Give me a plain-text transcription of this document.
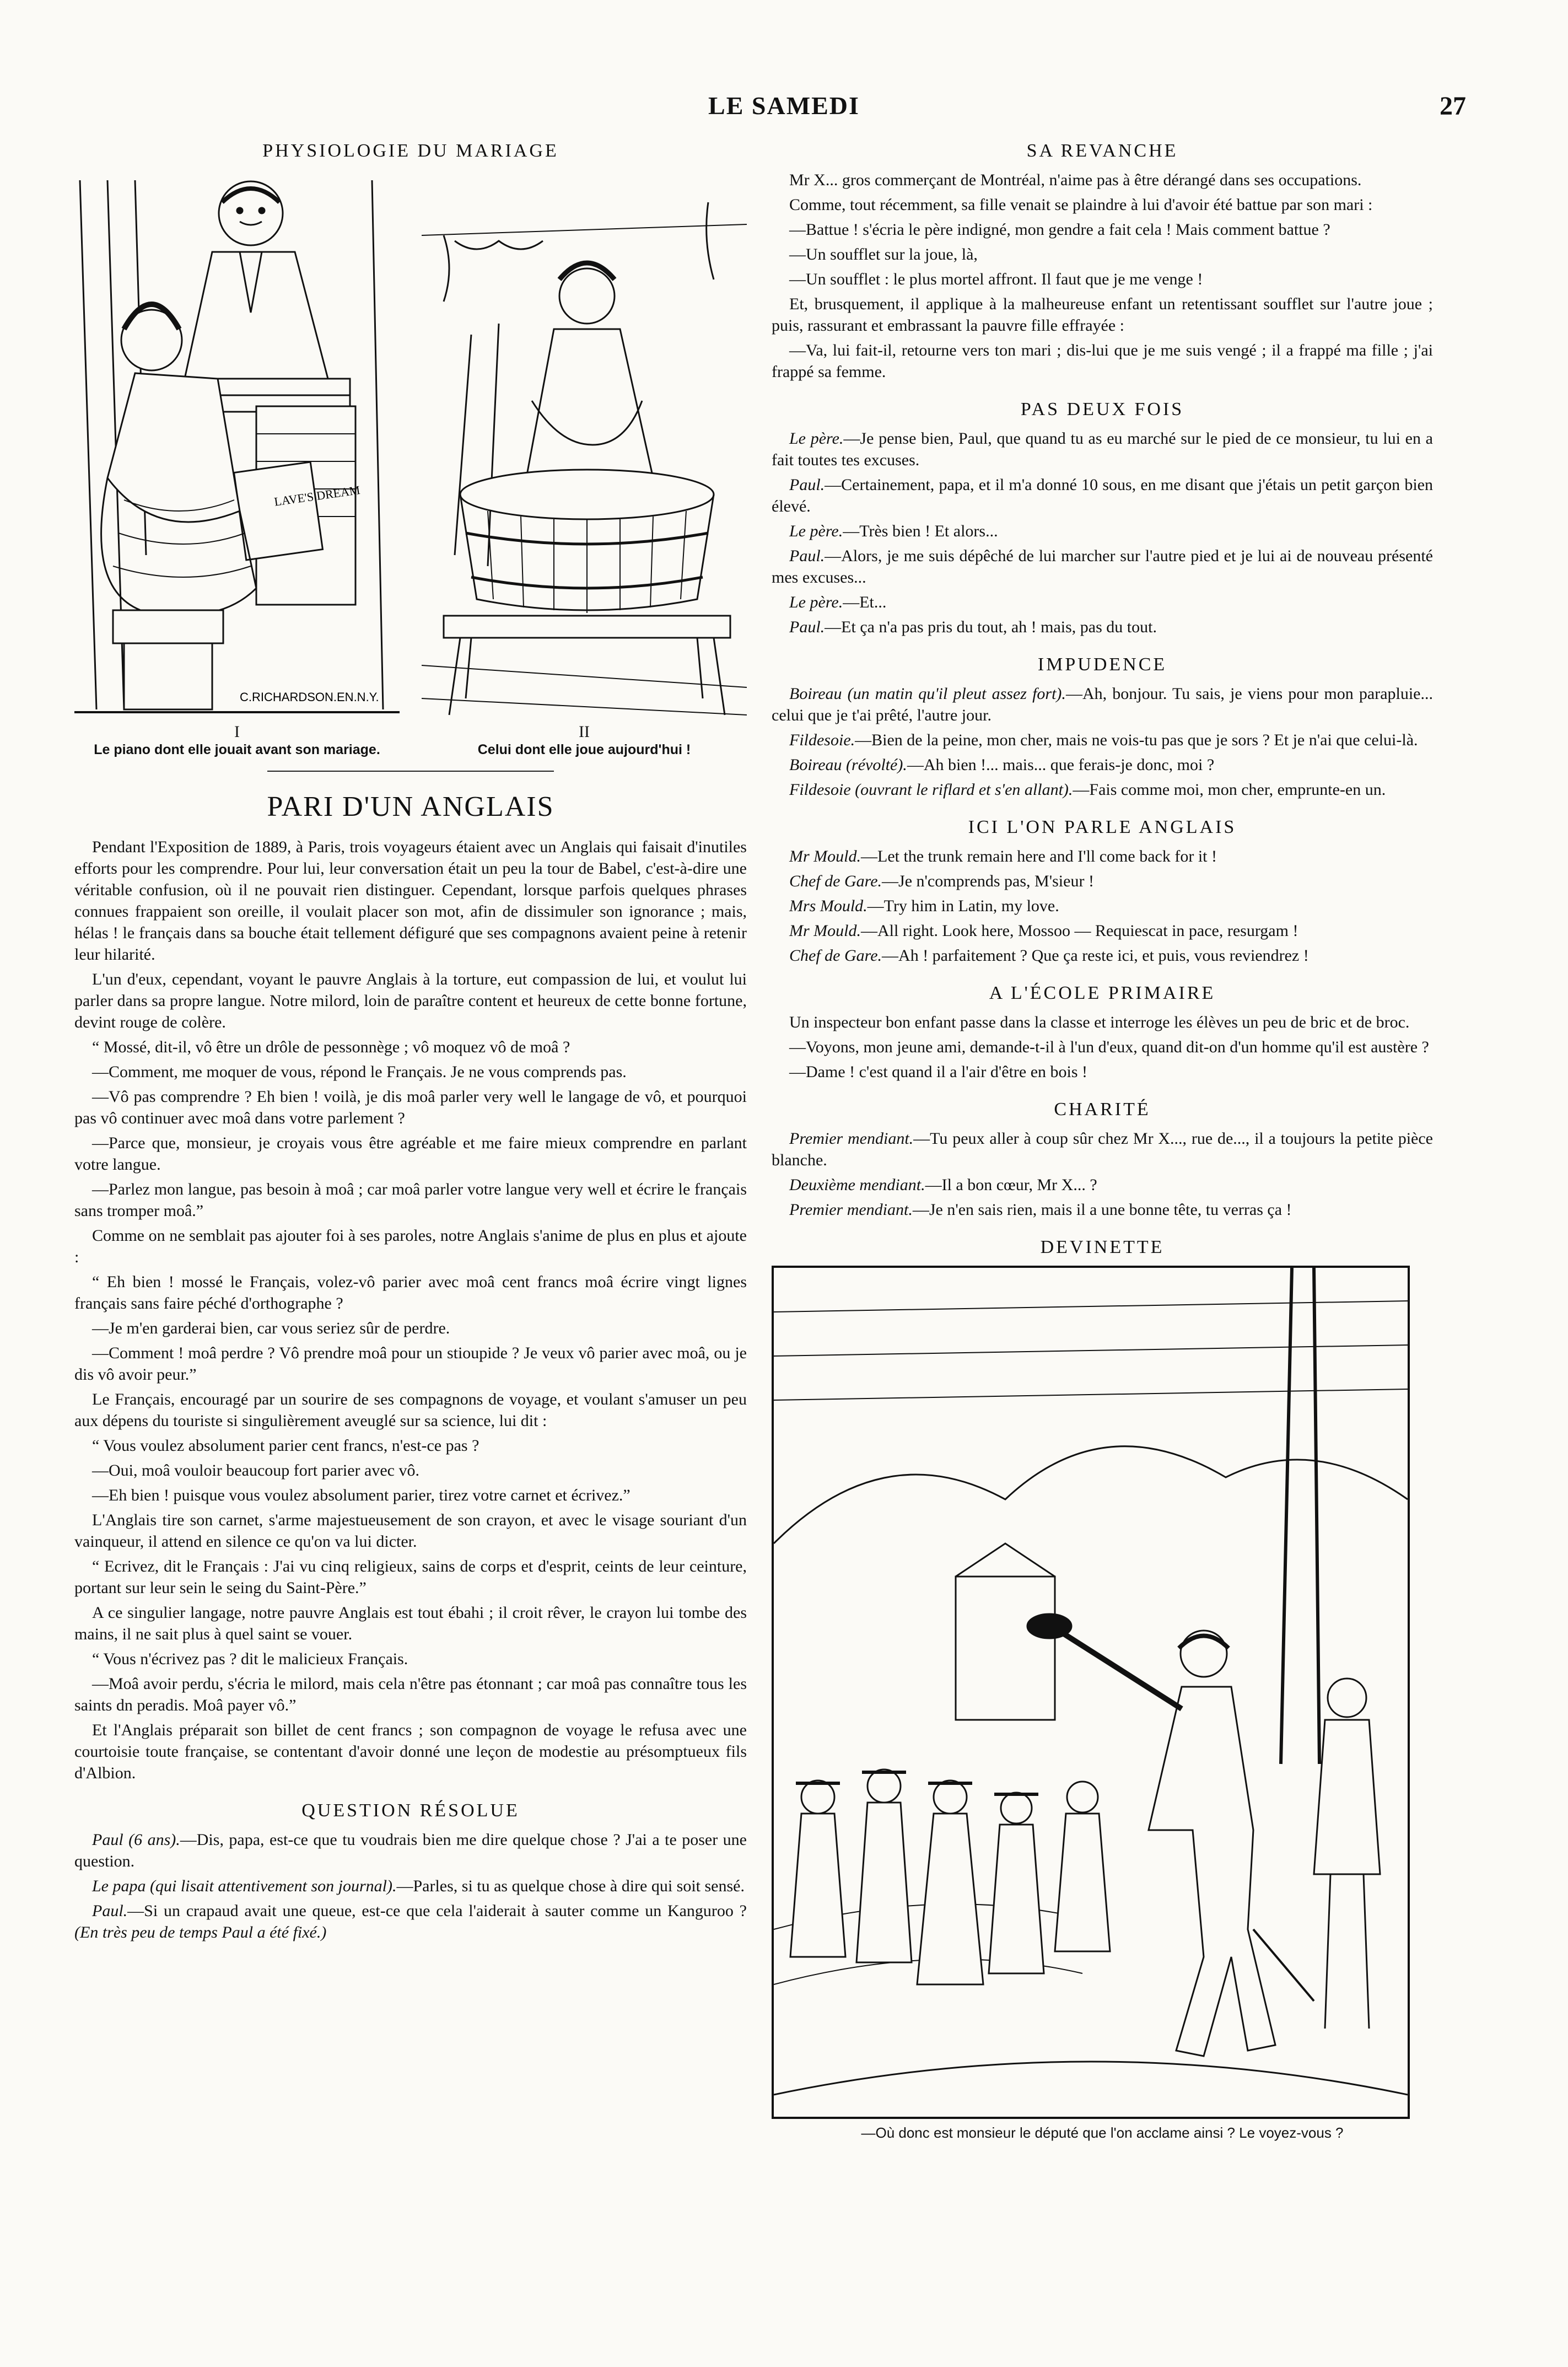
LE SAMEDI	27
PHYSIOLOGIE DU MARIAGE
LAVE'S DREAM
C.RICHARDSON.EN.N.Y.
I
Le piano dont elle jouait avant son mariage.
II
Celui dont elle joue aujourd'hui !
PARI D'UN ANGLAIS

Pendant l'Exposition de 1889, à Paris, trois voyageurs étaient avec un Anglais qui faisait d'inutiles efforts pour les comprendre. Pour lui, leur conversation était un peu la tour de Babel, c'est-à-dire une véritable confusion, où il ne pouvait rien distinguer. Cependant, lorsque parfois quelques phrases connues frappaient son oreille, il voulait placer son mot, afin de dissimuler son ignorance ; mais, hélas ! le français dans sa bouche était tellement défiguré que ses compagnons avaient peine à retenir leur hilarité.

L'un d'eux, cependant, voyant le pauvre Anglais à la torture, eut compassion de lui, et voulut lui parler dans sa propre langue. Notre milord, loin de paraître content et heureux de cette bonne fortune, devint rouge de colère.

“ Mossé, dit-il, vô être un drôle de pessonnège ; vô moquez vô de moâ ?

—Comment, me moquer de vous, répond le Français. Je ne vous comprends pas.

—Vô pas comprendre ? Eh bien ! voilà, je dis moâ parler very well le langage de vô, et pourquoi pas vô continuer avec moâ dans votre parlement ?

—Parce que, monsieur, je croyais vous être agréable et me faire mieux comprendre en parlant votre langue.

—Parlez mon langue, pas besoin à moâ ; car moâ parler votre langue very well et écrire le français sans tromper moâ.”

Comme on ne semblait pas ajouter foi à ses paroles, notre Anglais s'anime de plus en plus et ajoute :

“ Eh bien ! mossé le Français, volez-vô parier avec moâ cent francs moâ écrire vingt lignes français sans faire péché d'orthographe ?

—Je m'en garderai bien, car vous seriez sûr de perdre.

—Comment ! moâ perdre ? Vô prendre moâ pour un stioupide ? Je veux vô parier avec moâ, ou je dis vô avoir peur.”

Le Français, encouragé par un sourire de ses compagnons de voyage, et voulant s'amuser un peu aux dépens du touriste si singulièrement aveuglé sur sa science, lui dit :

“ Vous voulez absolument parier cent francs, n'est-ce pas ?

—Oui, moâ vouloir beaucoup fort parier avec vô.

—Eh bien ! puisque vous voulez absolument parier, tirez votre carnet et écrivez.”

L'Anglais tire son carnet, s'arme majestueusement de son crayon, et avec le visage souriant d'un vainqueur, il attend en silence ce qu'on va lui dicter.

“ Ecrivez, dit le Français : J'ai vu cinq religieux, sains de corps et d'esprit, ceints de leur ceinture, portant sur leur sein le seing du Saint-Père.”

A ce singulier langage, notre pauvre Anglais est tout ébahi ; il croit rêver, le crayon lui tombe des mains, il ne sait plus à quel saint se vouer.

“ Vous n'écrivez pas ? dit le malicieux Français.

—Moâ avoir perdu, s'écria le milord, mais cela n'être pas étonnant ; car moâ pas connaître tous les saints dn peradis. Moâ payer vô.”

Et l'Anglais préparait son billet de cent francs ; son compagnon de voyage le refusa avec une courtoisie toute française, se contentant d'avoir donné une leçon de modestie au présomptueux fils d'Albion.

QUESTION RÉSOLUE

Paul (6 ans).—Dis, papa, est-ce que tu voudrais bien me dire quelque chose ? J'ai a te poser une question.

Le papa (qui lisait attentivement son journal).—Parles, si tu as quelque chose à dire qui soit sensé.

Paul.—Si un crapaud avait une queue, est-ce que cela l'aiderait à sauter comme un Kanguroo ? (En très peu de temps Paul a été fixé.)

SA REVANCHE

Mr X... gros commerçant de Montréal, n'aime pas à être dérangé dans ses occupations.

Comme, tout récemment, sa fille venait se plaindre à lui d'avoir été battue par son mari :

—Battue ! s'écria le père indigné, mon gendre a fait cela ! Mais comment battue ?

—Un soufflet sur la joue, là,

—Un soufflet : le plus mortel affront. Il faut que je me venge !

Et, brusquement, il applique à la malheureuse enfant un retentissant soufflet sur l'autre joue ; puis, rassurant et embrassant la pauvre fille effrayée :

—Va, lui fait-il, retourne vers ton mari ; dis-lui que je me suis vengé ; il a frappé ma fille ; j'ai frappé sa femme.

PAS DEUX FOIS

Le père.—Je pense bien, Paul, que quand tu as eu marché sur le pied de ce monsieur, tu lui en a fait toutes tes excuses.

Paul.—Certainement, papa, et il m'a donné 10 sous, en me disant que j'étais un petit garçon bien élevé.

Le père.—Très bien ! Et alors...

Paul.—Alors, je me suis dépêché de lui marcher sur l'autre pied et je lui ai de nouveau présenté mes excuses...

Le père.—Et...

Paul.—Et ça n'a pas pris du tout, ah ! mais, pas du tout.

IMPUDENCE

Boireau (un matin qu'il pleut assez fort).—Ah, bonjour. Tu sais, je viens pour mon parapluie... celui que je t'ai prêté, l'autre jour.

Fildesoie.—Bien de la peine, mon cher, mais ne vois-tu pas que je sors ? Et je n'ai que celui-là.

Boireau (révolté).—Ah bien !... mais... que ferais-je donc, moi ?

Fildesoie (ouvrant le riflard et s'en allant).—Fais comme moi, mon cher, emprunte-en un.

ICI L'ON PARLE ANGLAIS

Mr Mould.—Let the trunk remain here and I'll come back for it !

Chef de Gare.—Je n'comprends pas, M'sieur !

Mrs Mould.—Try him in Latin, my love.

Mr Mould.—All right. Look here, Mossoo — Requiescat in pace, resurgam !

Chef de Gare.—Ah ! parfaitement ? Que ça reste ici, et puis, vous reviendrez !

A L'ÉCOLE PRIMAIRE

Un inspecteur bon enfant passe dans la classe et interroge les élèves un peu de bric et de broc.

—Voyons, mon jeune ami, demande-t-il à l'un d'eux, quand dit-on d'un homme qu'il est austère ?

—Dame ! c'est quand il a l'air d'être en bois !

CHARITÉ

Premier mendiant.—Tu peux aller à coup sûr chez Mr X..., rue de..., il a toujours la petite pièce blanche.

Deuxième mendiant.—Il a bon cœur, Mr X... ?

Premier mendiant.—Je n'en sais rien, mais il a une bonne tête, tu verras ça !

DEVINETTE
—Où donc est monsieur le député que l'on acclame ainsi ? Le voyez-vous ?
